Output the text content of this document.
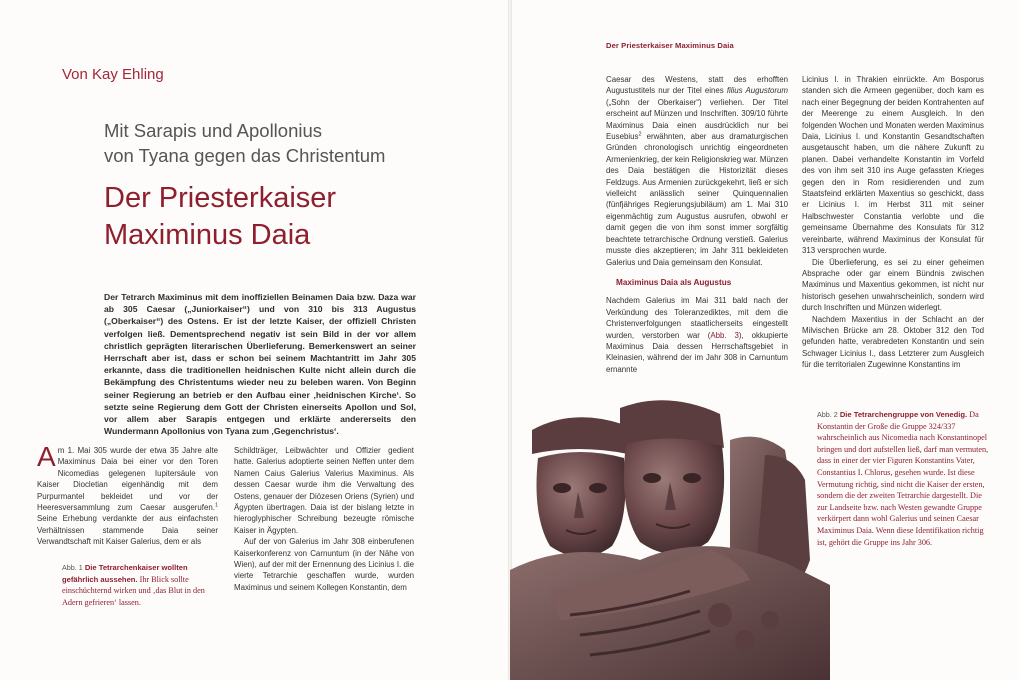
Von Kay Ehling
Mit Sarapis und Apollonius
von Tyana gegen das Christentum
Der Priesterkaiser
Maximinus Daia

Der Tetrarch Maximinus mit dem inoffiziellen Beinamen Daia bzw. Daza war ab 305 Caesar („Juniorkaiser“) und von 310 bis 313 Augustus („Oberkaiser“) des Ostens. Er ist der letzte Kaiser, der offiziell Christen verfolgen ließ. Dementsprechend negativ ist sein Bild in der vor allem christlich geprägten literarischen Überlieferung. Bemerkenswert an seiner Herrschaft aber ist, dass er schon bei seinem Machtantritt im Jahr 305 erkannte, dass die traditionellen heidnischen Kulte nicht allein durch die Bekämpfung des Christentums wieder neu zu beleben waren. Von Beginn seiner Regierung an betrieb er den Aufbau einer ‚heidnischen Kirche‘. So setzte seine Regierung dem Gott der Christen einerseits Apollon und Sol, vor allem aber Sarapis entgegen und erklärte andererseits den Wundermann Apollonius von Tyana zum ‚Gegenchristus‘.

Am 1. Mai 305 wurde der etwa 35 Jahre alte Maximinus Daia bei einer vor den Toren Nicomedias gelegenen Iupitersäule von Kaiser Diocletian eigenhändig mit dem Purpurmantel bekleidet und vor der Heeresversammlung zum Caesar ausgerufen.$^1$ Seine Erhebung verdankte der aus einfachsten Verhältnissen stammende Daia seiner Verwandtschaft mit Kaiser Galerius, dem er als

Abb. 1 Die Tetrarchenkaiser wollten gefährlich aussehen. Ihr Blick sollte einschüchternd wirken und ‚das Blut in den Adern gefrieren‘ lassen.

Schildträger, Leibwächter und Offizier gedient hatte. Galerius adoptierte seinen Neffen unter dem Namen Caius Galerius Valerius Maximinus. Als dessen Caesar wurde ihm die Verwaltung des Ostens, genauer der Diözesen Oriens (Syrien) und Ägypten übertragen. Daia ist der bislang letzte in hieroglyphischer Schreibung bezeugte römische Kaiser in Ägypten.

Auf der von Galerius im Jahr 308 einberufenen Kaiserkonferenz von Carnuntum (in der Nähe von Wien), auf der mit der Ernennung des Licinius I. die vierte Tetrarchie geschaffen wurde, wurden Maximinus und seinem Kollegen Konstantin, dem

Der Priesterkaiser Maximinus Daia

Caesar des Westens, statt des erhofften Augustustitels nur der Titel eines filius Augustorum („Sohn der Oberkaiser“) verliehen. Der Titel erscheint auf Münzen und Inschriften. 309/10 führte Maximinus Daia einen ausdrücklich nur bei Eusebius$^2$ erwähnten, aber aus dramaturgischen Gründen chronologisch unrichtig eingeordneten Armenienkrieg, der kein Religionskrieg war. Münzen des Daia bestätigen die Historizität dieses Feldzugs. Aus Armenien zurückgekehrt, ließ er sich vielleicht anlässlich seiner Quinquennalien (fünfjähriges Regierungsjubiläum) am 1. Mai 310 eigenmächtig zum Augustus ausrufen, obwohl er damit gegen die von ihm sonst immer sorgfältig beachtete tetrarchische Ordnung verstieß. Galerius musste dies akzeptieren; im Jahr 311 bekleideten Galerius und Daia gemeinsam den Konsulat.

Maximinus Daia als Augustus

Nachdem Galerius im Mai 311 bald nach der Verkündung des Toleranzediktes, mit dem die Christenverfolgungen staatlicherseits eingestellt wurden, verstorben war (Abb. 3), okkupierte Maximinus Daia dessen Herrschaftsgebiet in Kleinasien, während der im Jahr 308 in Carnuntum ernannte

Licinius I. in Thrakien einrückte. Am Bosporus standen sich die Armeen gegenüber, doch kam es nach einer Begegnung der beiden Kontrahenten auf der Meerenge zu einem Ausgleich. In den folgenden Wochen und Monaten werden Maximinus Daia, Licinius I. und Konstantin Gesandtschaften ausgetauscht haben, um die nähere Zukunft zu planen. Dabei verhandelte Konstantin im Vorfeld des von ihm seit 310 ins Auge gefassten Krieges gegen den in Rom residierenden und zum Staatsfeind erklärten Maxentius so geschickt, dass er Licinius I. im Herbst 311 mit seiner Halbschwester Constantia verlobte und die gemeinsame Übernahme des Konsulats für 312 vereinbarte, während Maximinus der Konsulat für 313 versprochen wurde.

Die Überlieferung, es sei zu einer geheimen Absprache oder gar einem Bündnis zwischen Maximinus und Maxentius gekommen, ist nicht nur historisch gesehen unwahrscheinlich, sondern wird durch Inschriften und Münzen widerlegt.

Nachdem Maxentius in der Schlacht an der Milvischen Brücke am 28. Oktober 312 den Tod gefunden hatte, verabredeten Konstantin und sein Schwager Licinius I., dass Letzterer zum Ausgleich für die territorialen Zugewinne Konstantins im

Abb. 2 Die Tetrarchengruppe von Venedig. Da Konstantin der Große die Gruppe 324/337 wahrscheinlich aus Nicomedia nach Konstantinopel bringen und dort aufstellen ließ, darf man vermuten, dass in einer der vier Figuren Konstantins Vater, Constantius I. Chlorus, gesehen wurde. Ist diese Vermutung richtig, sind nicht die Kaiser der ersten, sondern die der zweiten Tetrarchie dargestellt. Die zur Landseite bzw. nach Westen gewandte Gruppe verkörpert dann wohl Galerius und seinen Caesar Maximinus Daia. Wenn diese Identifikation richtig ist, gehört die Gruppe ins Jahr 306.
